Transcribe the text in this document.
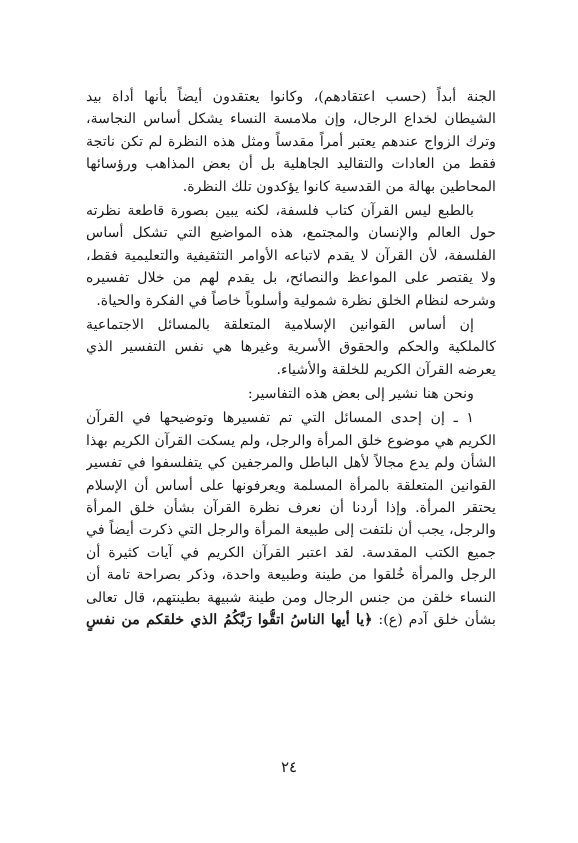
الجنة أبداً (حسب اعتقادهم)، وكانوا يعتقدون أيضاً بأنها أداة بيد
الشيطان لخداع الرجال، وإن ملامسة النساء يشكل أساس النجاسة،
وترك الزواج عندهم يعتبر أمراً مقدساً ومثل هذه النظرة لم تكن ناتجة
فقط من العادات والتقاليد الجاهلية بل أن بعض المذاهب ورؤسائها
المحاطين بهالة من القدسية كانوا يؤكدون تلك النظرة.
بالطبع ليس القرآن كتاب فلسفة، لكنه يبين بصورة قاطعة نظرته
حول العالم والإنسان والمجتمع، هذه المواضيع التي تشكل أساس
الفلسفة، لأن القرآن لا يقدم لاتباعه الأوامر التثقيفية والتعليمية فقط،
ولا يقتصر على المواعظ والنصائح، بل يقدم لهم من خلال تفسيره
وشرحه لنظام الخلق نظرة شمولية وأسلوباً خاصاً في الفكرة والحياة.
إن أساس القوانين الإسلامية المتعلقة بالمسائل الاجتماعية
كالملكية والحكم والحقوق الأسرية وغيرها هي نفس التفسير الذي
يعرضه القرآن الكريم للخلقة والأشياء.
ونحن هنا نشير إلى بعض هذه التفاسير:
١ ـ إن إحدى المسائل التي تم تفسيرها وتوضيحها في القرآن
الكريم هي موضوع خلق المرأة والرجل، ولم يسكت القرآن الكريم بهذا
الشأن ولم يدع مجالاً لأهل الباطل والمرجفين كي يتفلسفوا في تفسير
القوانين المتعلقة بالمرأة المسلمة ويعرفونها على أساس أن الإسلام
يحتقر المرأة. وإذا أردنا أن نعرف نظرة القرآن بشأن خلق المرأة
والرجل، يجب أن نلتفت إلى طبيعة المرأة والرجل التي ذكرت أيضاً في
جميع الكتب المقدسة. لقد اعتبر القرآن الكريم في آيات كثيرة أن
الرجل والمرأة خُلقوا من طينة وطبيعة واحدة، وذكر بصراحة تامة أن
النساء خلقن من جنس الرجال ومن طينة شبيهة بطينتهم، قال تعالى
بشأن خلق آدم (ع): ﴿يا أيها الناسُ اتقُّوا رَبَّكُمُ الذي خلقكم من نفسٍ
٢٤
